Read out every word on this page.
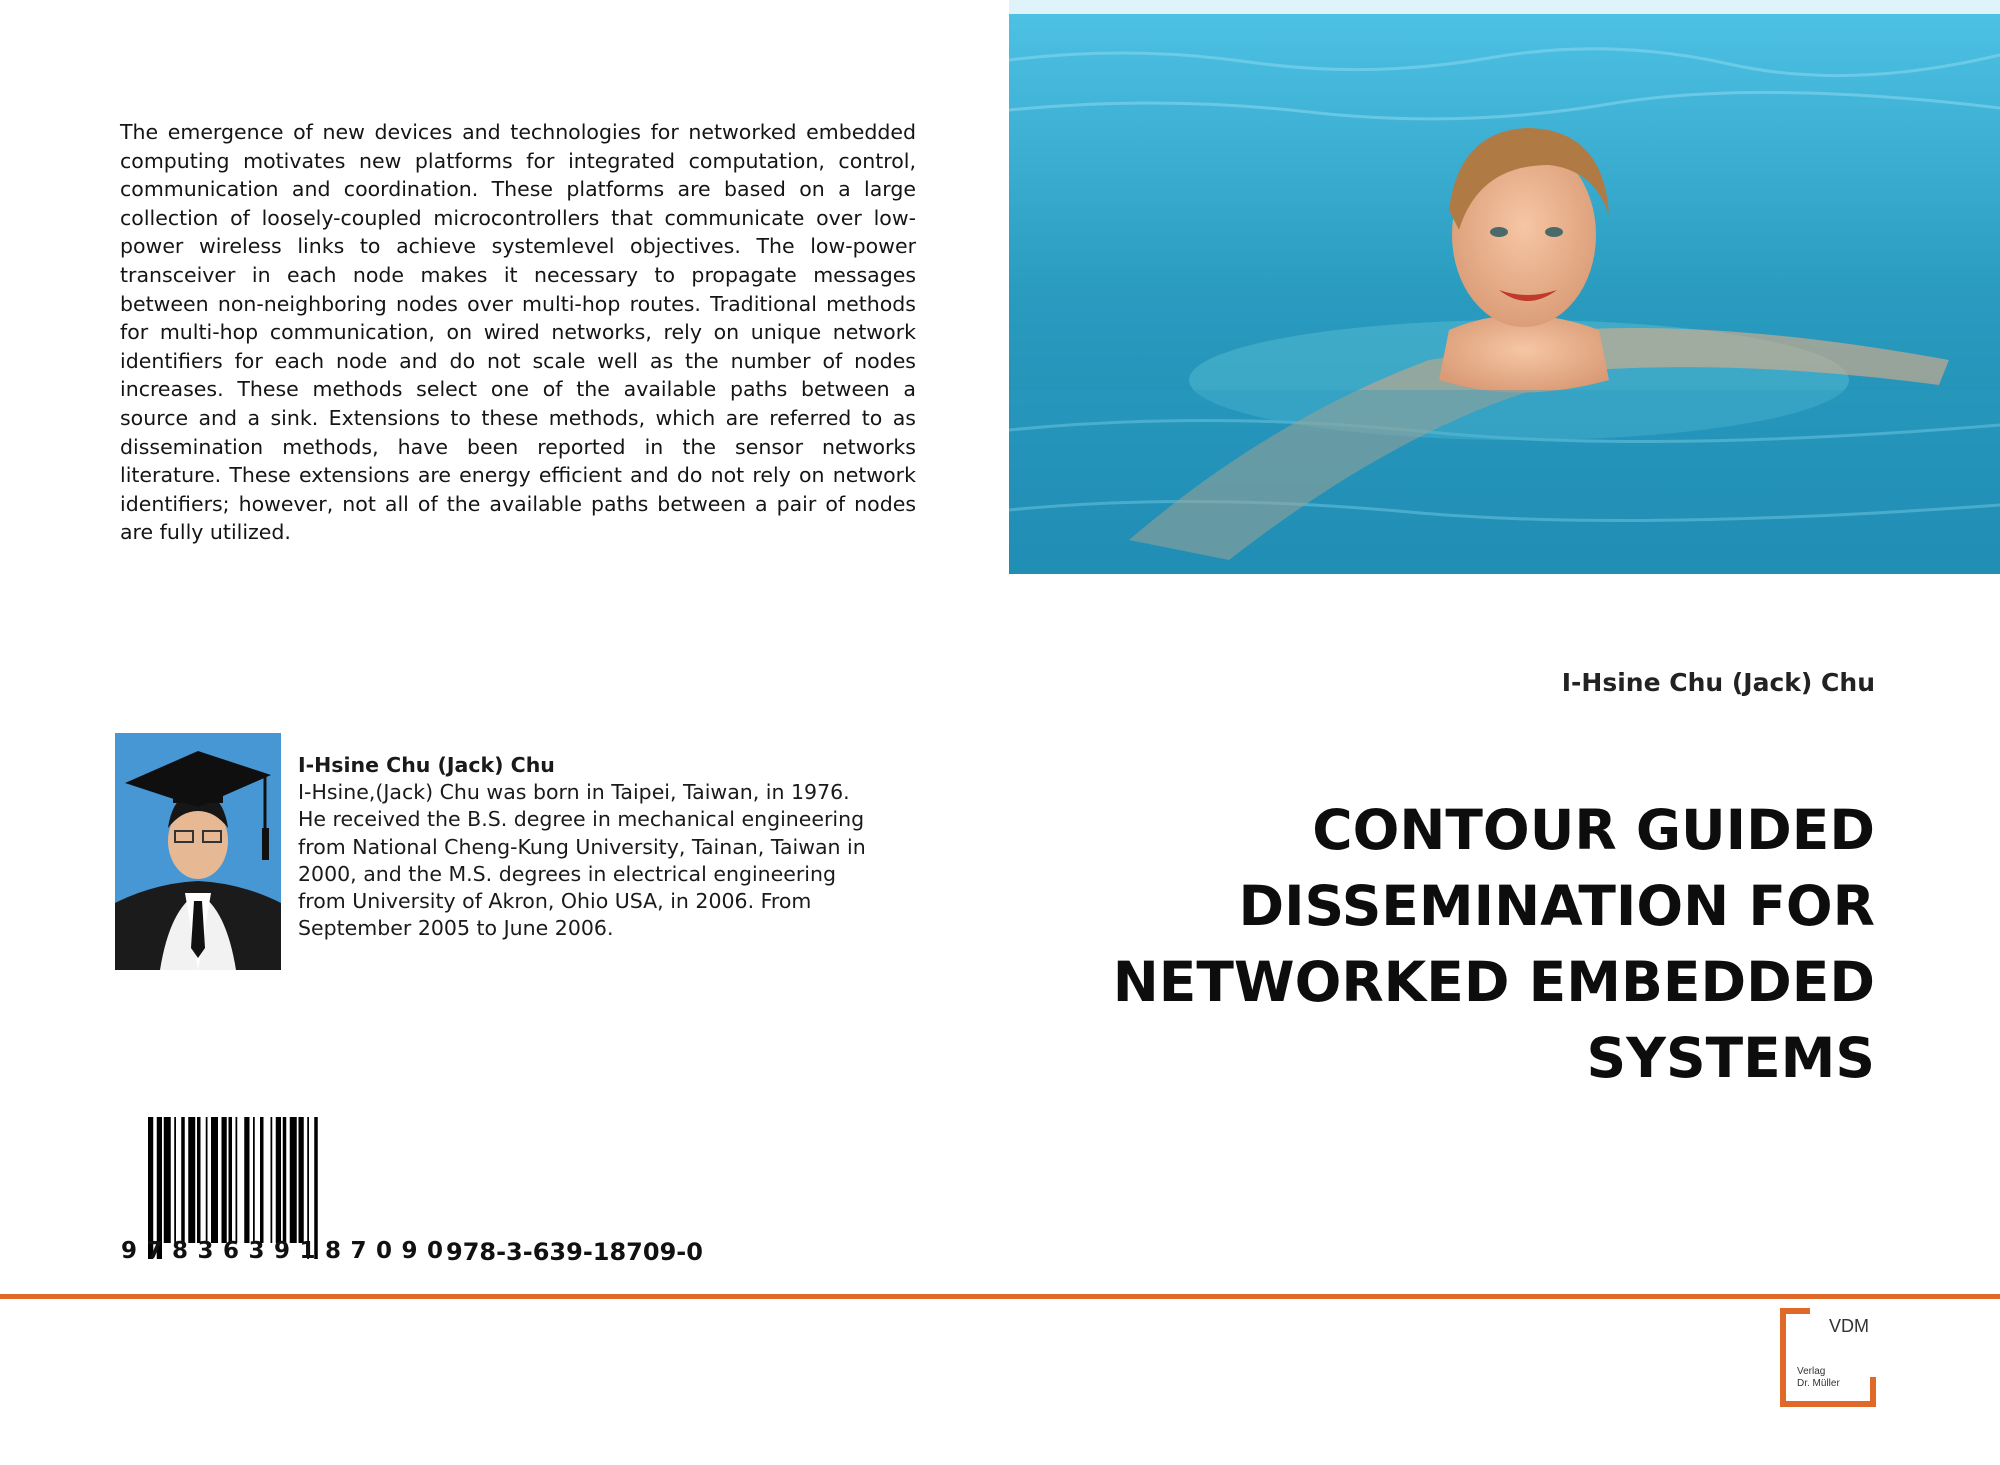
The emergence of new devices and technologies for networked embedded computing motivates new platforms for integrated computation, control, communication and coordination. These platforms are based on a large collection of loosely-coupled microcontrollers that communicate over low-power wireless links to achieve systemlevel objectives. The low-power transceiver in each node makes it necessary to propagate messages between non-neighboring nodes over multi-hop routes. Traditional methods for multi-hop communication, on wired networks, rely on unique network identifiers for each node and do not scale well as the number of nodes increases. These methods select one of the available paths between a source and a sink. Extensions to these methods, which are referred to as dissemination methods, have been reported in the sensor networks literature. These extensions are energy efficient and do not rely on network identifiers; however, not all of the available paths between a pair of nodes are fully utilized.
I-Hsine Chu (Jack) Chu
CONTOUR GUIDED
DISSEMINATION FOR
NETWORKED EMBEDDED
SYSTEMS
I-Hsine Chu (Jack) Chu
I-Hsine,(Jack) Chu was born in Taipei, Taiwan, in 1976.
He received the B.S. degree in mechanical engineering
from National Cheng-Kung University, Tainan, Taiwan in
2000, and the M.S. degrees in electrical engineering
from University of Akron, Ohio USA, in 2006. From
September 2005 to June 2006.
9783639187090
978-3-639-18709-0
VDM
Verlag
Dr. Müller
